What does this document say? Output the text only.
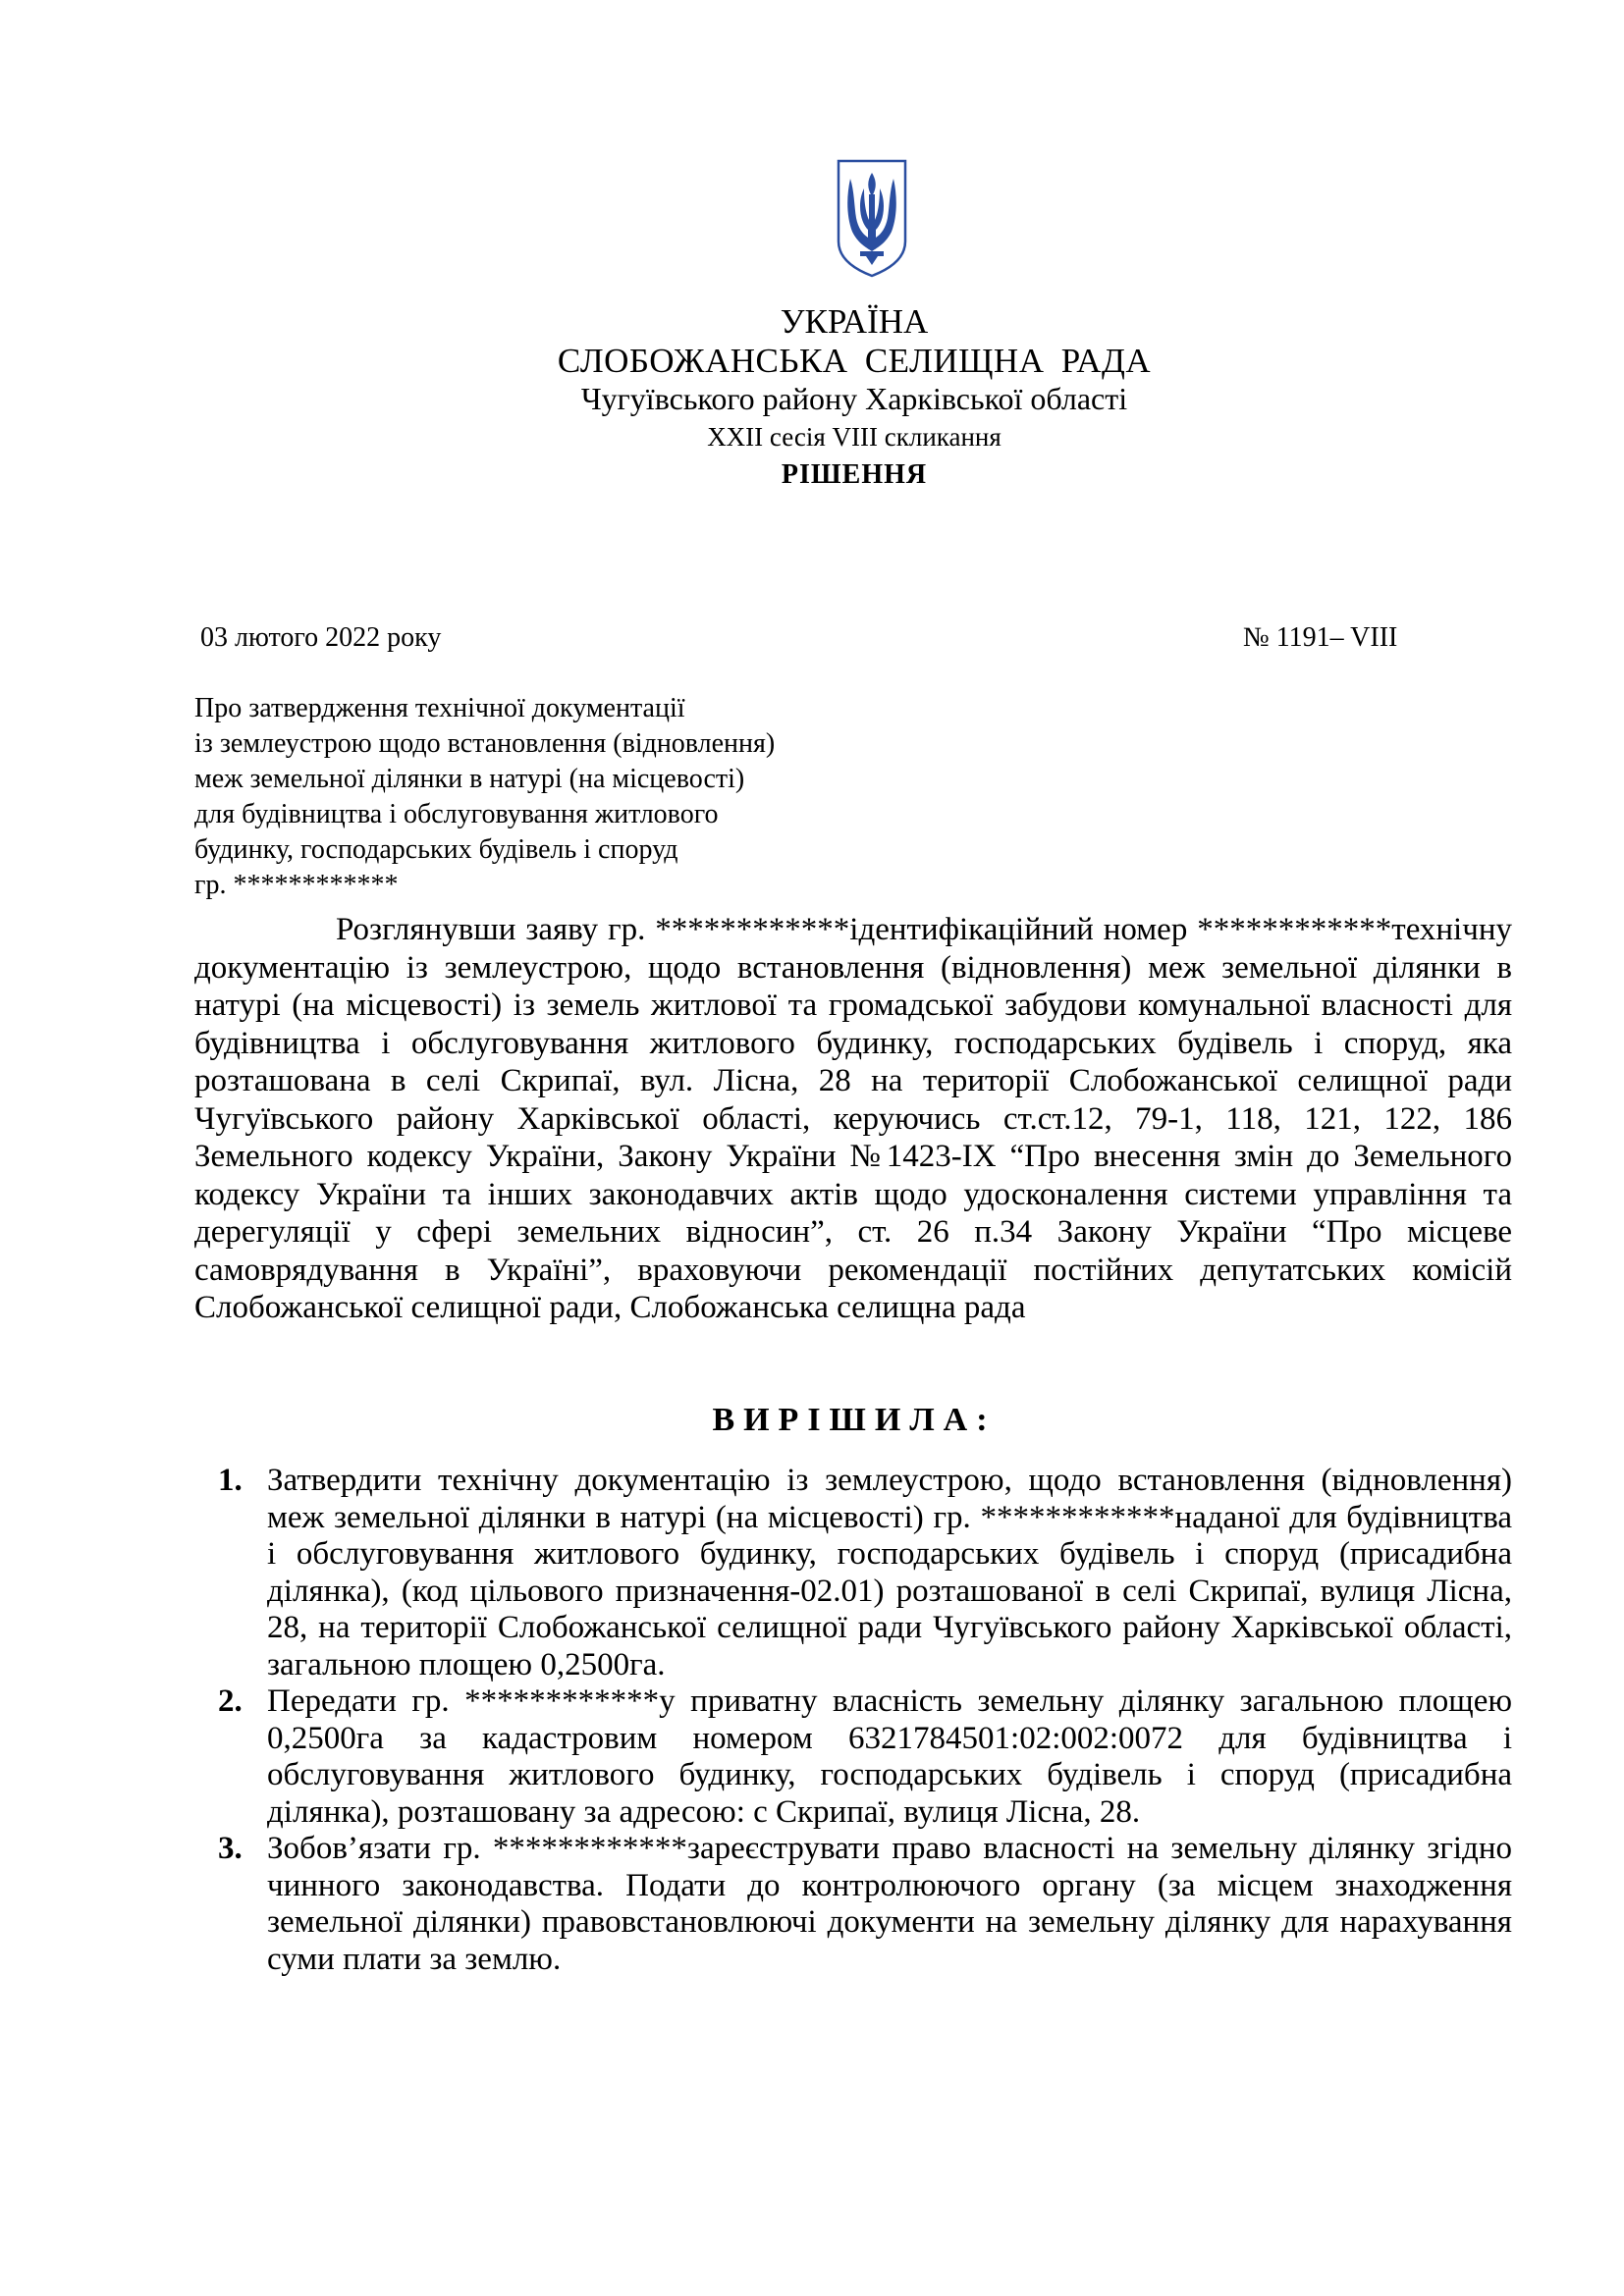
УКРАЇНА
СЛОБОЖАНСЬКА СЕЛИЩНА РАДА
Чугуївського району Харківської області
XXII сесія VIII скликання
РІШЕННЯ
03 лютого 2022 року	№ 1191– VIII
Про затвердження технічної документації
із землеустрою щодо встановлення (відновлення)
меж земельної ділянки в натурі (на місцевості)
для будівництва і обслуговування житлового
будинку, господарських будівель і споруд
гр. ************
Розглянувши заяву гр. ************ідентифікаційний номер ************технічну документацію із землеустрою, щодо встановлення (відновлення) меж земельної ділянки в натурі (на місцевості) із земель житлової та громадської забудови комунальної власності для будівництва і обслуговування житлового будинку, господарських будівель і споруд, яка розташована в селі Скрипаї, вул. Лісна, 28 на території Слобожанської селищної ради Чугуївського району Харківської області, керуючись ст.ст.12, 79-1, 118, 121, 122, 186 Земельного кодексу України, Закону України №1423-IX “Про внесення змін до Земельного кодексу України та інших законодавчих актів щодо удосконалення системи управління та дерегуляції у сфері земельних відносин”, ст. 26 п.34 Закону України “Про місцеве самоврядування в Україні”, враховуючи рекомендації постійних депутатських комісій Слобожанської селищної ради, Слобожанська селищна рада
ВИРІШИЛА:
1. Затвердити технічну документацію із землеустрою, щодо встановлення (відновлення) меж земельної ділянки в натурі (на місцевості) гр. ************наданої для будівництва і обслуговування житлового будинку, господарських будівель і споруд (присадибна ділянка), (код цільового призначення-02.01) розташованої в селі Скрипаї, вулиця Лісна, 28, на території Слобожанської селищної ради Чугуївського району Харківської області, загальною площею 0,2500га.
2. Передати гр. ************у приватну власність земельну ділянку загальною площею 0,2500га за кадастровим номером 6321784501:02:002:0072 для будівництва і обслуговування житлового будинку, господарських будівель і споруд (присадибна ділянка), розташовану за адресою: с Скрипаї, вулиця Лісна, 28.
3. Зобов’язати гр. ************зареєструвати право власності на земельну ділянку згідно чинного законодавства. Подати до контролюючого органу (за місцем знаходження земельної ділянки) правовстановлюючі документи на земельну ділянку для нарахування суми плати за землю.
